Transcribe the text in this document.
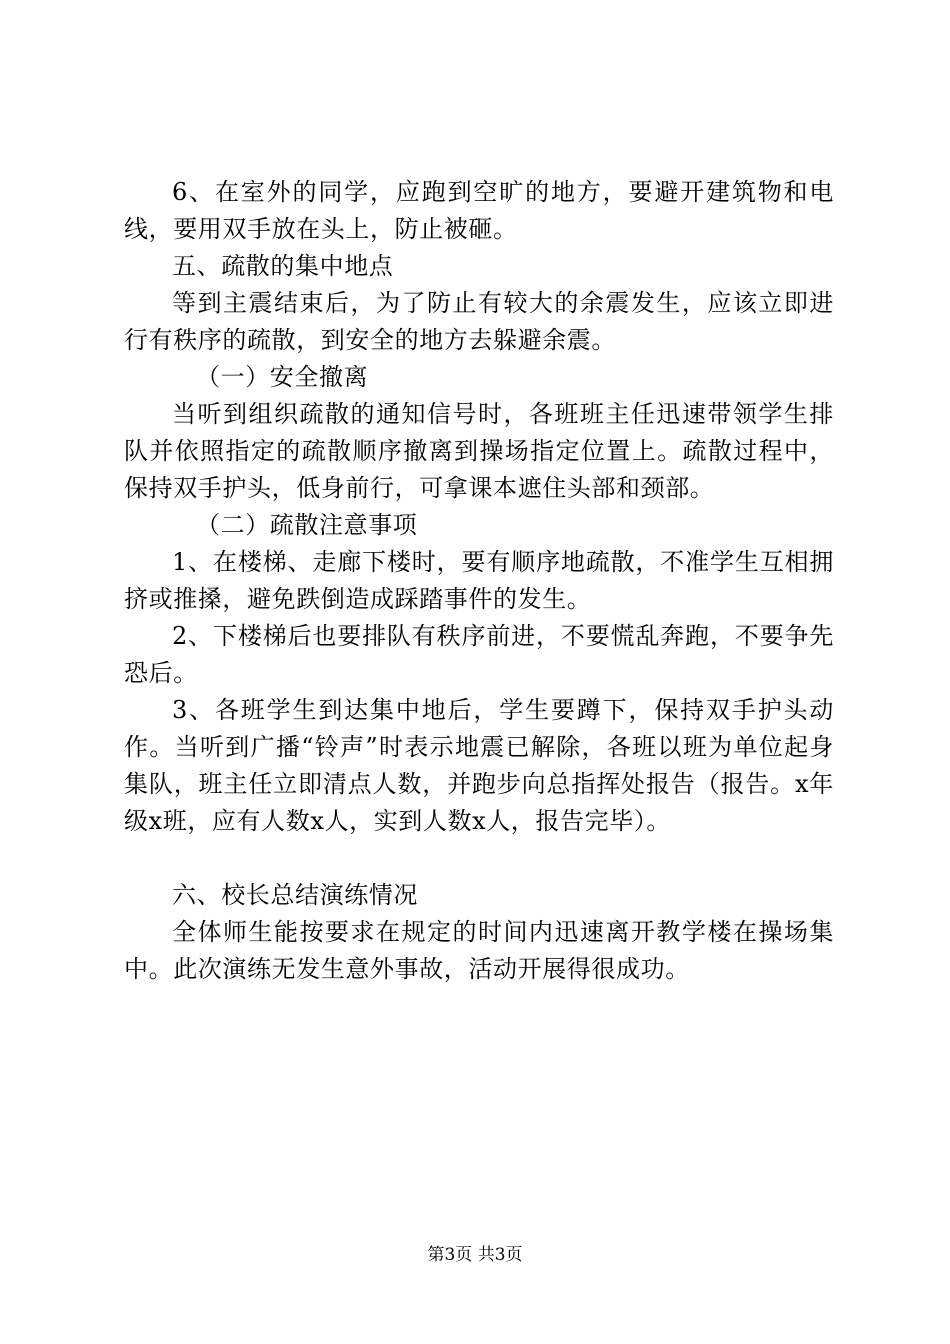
6、在室外的同学，应跑到空旷的地方，要避开建筑物和电线，要用双手放在头上，防止被砸。

五、疏散的集中地点

等到主震结束后，为了防止有较大的余震发生，应该立即进行有秩序的疏散，到安全的地方去躲避余震。

（一）安全撤离

当听到组织疏散的通知信号时，各班班主任迅速带领学生排队并依照指定的疏散顺序撤离到操场指定位置上。疏散过程中，保持双手护头，低身前行，可拿课本遮住头部和颈部。

（二）疏散注意事项

1、在楼梯、走廊下楼时，要有顺序地疏散，不准学生互相拥挤或推搡，避免跌倒造成踩踏事件的发生。

2、下楼梯后也要排队有秩序前进，不要慌乱奔跑，不要争先恐后。

3、各班学生到达集中地后，学生要蹲下，保持双手护头动作。当听到广播“铃声”时表示地震已解除，各班以班为单位起身集队，班主任立即清点人数，并跑步向总指挥处报告（报告。x年级x班，应有人数x人，实到人数x人，报告完毕）。

六、校长总结演练情况

全体师生能按要求在规定的时间内迅速离开教学楼在操场集中。此次演练无发生意外事故，活动开展得很成功。

第3页 共3页
